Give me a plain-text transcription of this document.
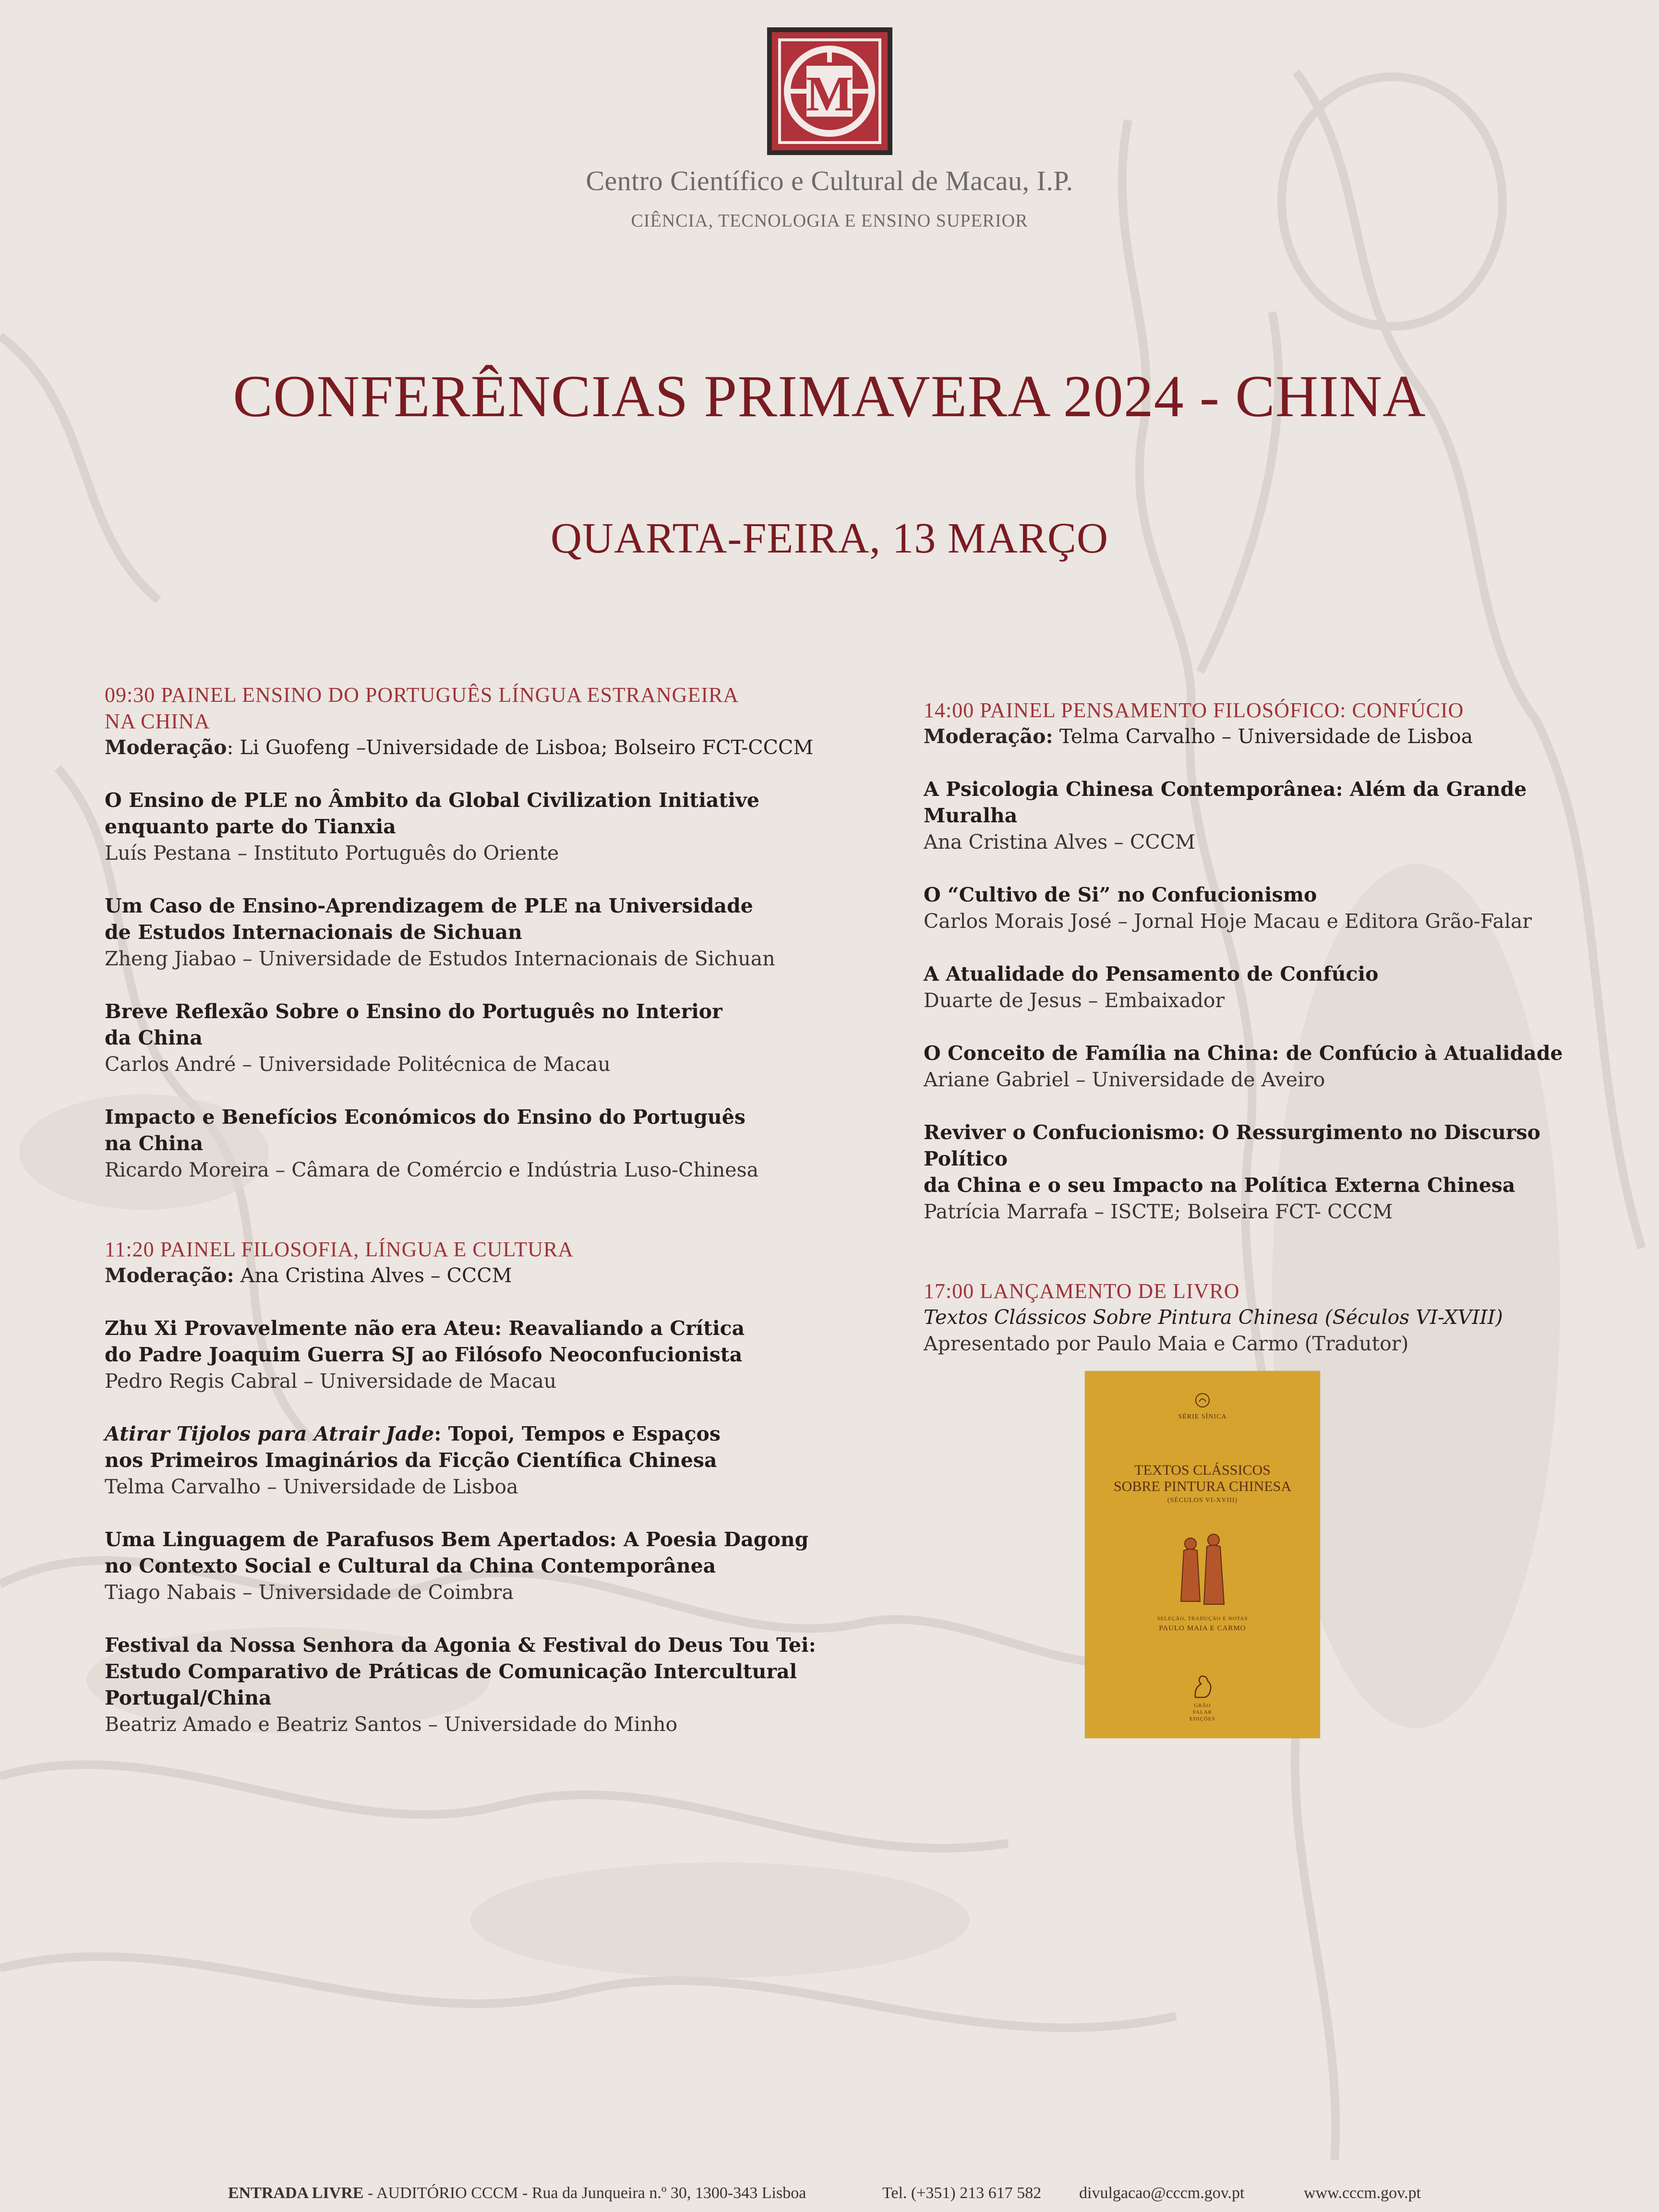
M
Centro Científico e Cultural de Macau, I.P.
CIÊNCIA, TECNOLOGIA E ENSINO SUPERIOR
CONFERÊNCIAS PRIMAVERA 2024 - CHINA
QUARTA-FEIRA, 13 MARÇO
09:30 PAINEL ENSINO DO PORTUGUÊS LÍNGUA ESTRANGEIRA
NA CHINA
Moderação: Li Guofeng –Universidade de Lisboa; Bolseiro FCT-CCCM
O Ensino de PLE no Âmbito da Global Civilization Initiative
enquanto parte do Tianxia
Luís Pestana – Instituto Português do Oriente
Um Caso de Ensino-Aprendizagem de PLE na Universidade
de Estudos Internacionais de Sichuan
Zheng Jiabao – Universidade de Estudos Internacionais de Sichuan
Breve Reflexão Sobre o Ensino do Português no Interior
da China
Carlos André – Universidade Politécnica de Macau
Impacto e Benefícios Económicos do Ensino do Português
na China
Ricardo Moreira – Câmara de Comércio e Indústria Luso-Chinesa
11:20 PAINEL FILOSOFIA, LÍNGUA E CULTURA
Moderação: Ana Cristina Alves – CCCM
Zhu Xi Provavelmente não era Ateu: Reavaliando a Crítica
do Padre Joaquim Guerra SJ ao Filósofo Neoconfucionista
Pedro Regis Cabral – Universidade de Macau
Atirar Tijolos para Atrair Jade: Topoi, Tempos e Espaços
nos Primeiros Imaginários da Ficção Científica Chinesa
Telma Carvalho – Universidade de Lisboa
Uma Linguagem de Parafusos Bem Apertados: A Poesia Dagong
no Contexto Social e Cultural da China Contemporânea
Tiago Nabais – Universidade de Coimbra
Festival da Nossa Senhora da Agonia & Festival do Deus Tou Tei:
Estudo Comparativo de Práticas de Comunicação Intercultural
Portugal/China
Beatriz Amado e Beatriz Santos – Universidade do Minho
14:00 PAINEL PENSAMENTO FILOSÓFICO: CONFÚCIO
Moderação: Telma Carvalho – Universidade de Lisboa
A Psicologia Chinesa Contemporânea: Além da Grande Muralha
Ana Cristina Alves – CCCM
O “Cultivo de Si” no Confucionismo
Carlos Morais José – Jornal Hoje Macau e Editora Grão-Falar
A Atualidade do Pensamento de Confúcio
Duarte de Jesus – Embaixador
O Conceito de Família na China: de Confúcio à Atualidade
Ariane Gabriel – Universidade de Aveiro
Reviver o Confucionismo: O Ressurgimento no Discurso Político
da China e o seu Impacto na Política Externa Chinesa
Patrícia Marrafa – ISCTE; Bolseira FCT- CCCM
17:00 LANÇAMENTO DE LIVRO
Textos Clássicos Sobre Pintura Chinesa (Séculos VI-XVIII)
Apresentado por Paulo Maia e Carmo (Tradutor)
SÉRIE SÍNICA
TEXTOS CLÁSSICOS
SOBRE PINTURA CHINESA
(SÉCULOS VI-XVIII)
SELEÇÃO, TRADUÇÃO E NOTAS
PAULO MAIA E CARMO
GRÃO
FALAR
EDIÇÕES
ENTRADA LIVRE - AUDITÓRIO CCCM - Rua da Junqueira n.º 30, 1300-343 Lisboa	Tel. (+351) 213 617 582 divulgacao@cccm.gov.pt	www.cccm.gov.pt
